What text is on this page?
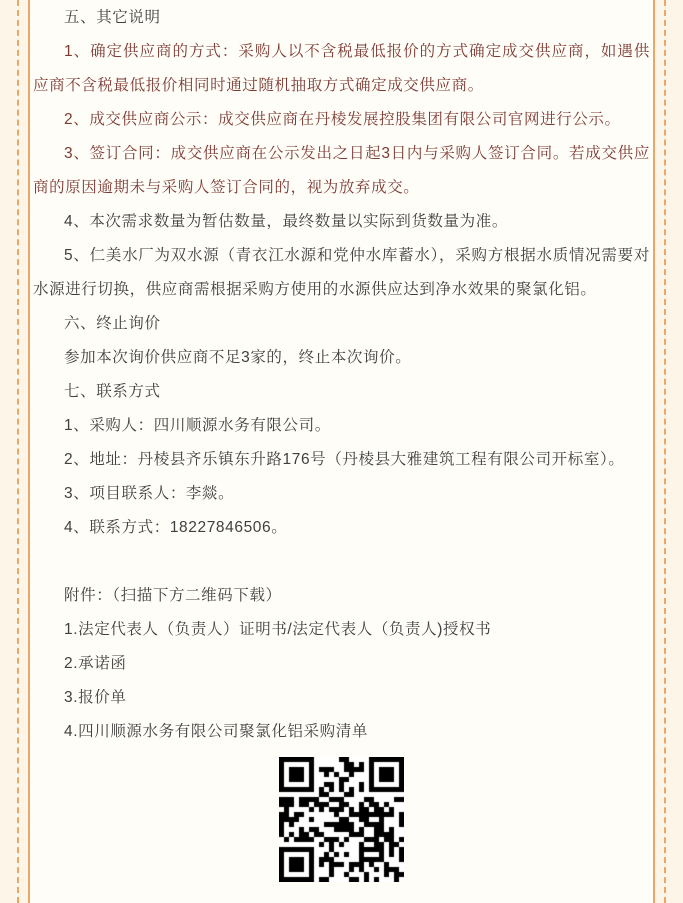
五、其它说明

1、确定供应商的方式：采购人以不含税最低报价的方式确定成交供应商，如遇供应商不含税最低报价相同时通过随机抽取方式确定成交供应商。

2、成交供应商公示：成交供应商在丹棱发展控股集团有限公司官网进行公示。

3、签订合同：成交供应商在公示发出之日起3日内与采购人签订合同。若成交供应商的原因逾期未与采购人签订合同的，视为放弃成交。

4、本次需求数量为暂估数量，最终数量以实际到货数量为准。

5、仁美水厂为双水源（青衣江水源和党仲水库蓄水），采购方根据水质情况需要对水源进行切换，供应商需根据采购方使用的水源供应达到净水效果的聚氯化铝。

六、终止询价

参加本次询价供应商不足3家的，终止本次询价。

七、联系方式

1、采购人：四川顺源水务有限公司。

2、地址：丹棱县齐乐镇东升路176号（丹棱县大雅建筑工程有限公司开标室）。

3、项目联系人：李燚。

4、联系方式：18227846506。

附件：（扫描下方二维码下载）

1.法定代表人（负责人）证明书/法定代表人（负责人)授权书

2.承诺函

3.报价单

4.四川顺源水务有限公司聚氯化铝采购清单
